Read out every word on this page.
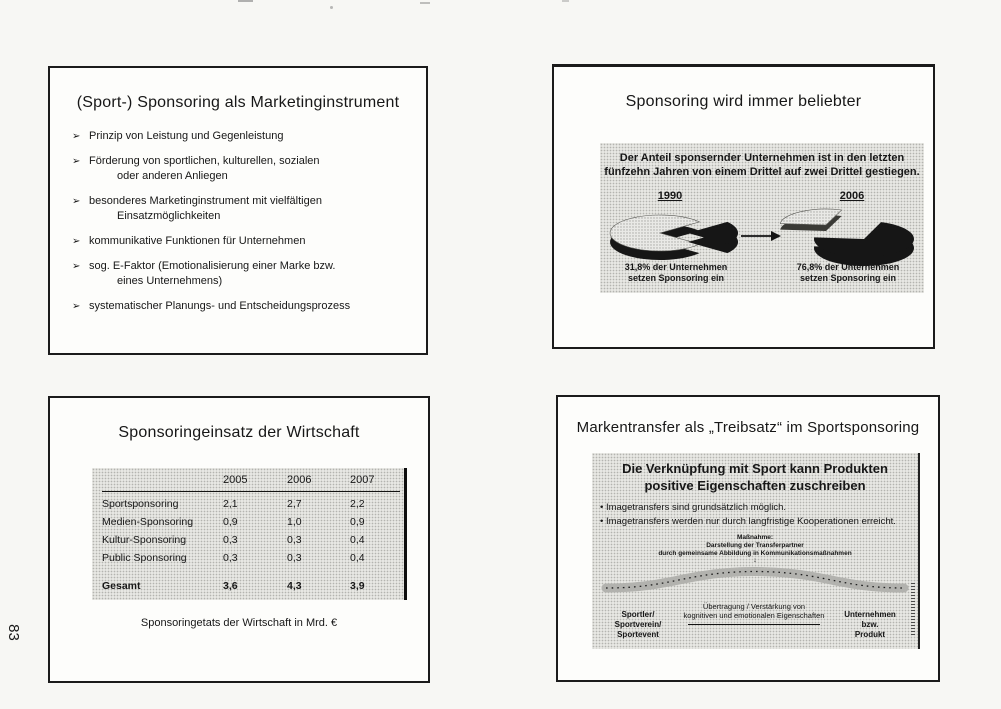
83
(Sport-) Sponsoring als Marketinginstrument
➢ Prinzip von Leistung und Gegenleistung
➢ Förderung von sportlichen, kulturellen, sozialen
oder anderen Anliegen
➢ besonderes Marketinginstrument mit vielfältigen
Einsatzmöglichkeiten
➢ kommunikative Funktionen für Unternehmen
➢ sog. E-Faktor (Emotionalisierung einer Marke bzw.
eines Unternehmens)
➢ systematischer Planungs- und Entscheidungsprozess
Sponsoring wird immer beliebter
Der Anteil sponsernder Unternehmen ist in den letzten
fünfzehn Jahren von einem Drittel auf zwei Drittel gestiegen.
1990	2006
31,8% der Unternehmen
setzen Sponsoring ein
76,8% der Unternehmen
setzen Sponsoring ein
Sponsoringeinsatz der Wirtschaft
2005	2006	2007
Sportsponsoring	2,1	2,7	2,2
Medien-Sponsoring	0,9	1,0	0,9
Kultur-Sponsoring	0,3	0,3	0,4
Public Sponsoring	0,3	0,3	0,4
Gesamt	3,6	4,3	3,9
Sponsoringetats der Wirtschaft in Mrd. €
Markentransfer als „Treibsatz“ im Sportsponsoring
Die Verknüpfung mit Sport kann Produkten
positive Eigenschaften zuschreiben
• Imagetransfers sind grundsätzlich möglich.
• Imagetransfers werden nur durch langfristige Kooperationen erreicht.
Maßnahme:
Darstellung der Transferpartner
durch gemeinsame Abbildung in Kommunikationsmaßnahmen
↓
Sportler/
Sportverein/
Sportevent
Übertragung / Verstärkung von
kognitiven und emotionalen Eigenschaften	Unternehmen
bzw.
Produkt
